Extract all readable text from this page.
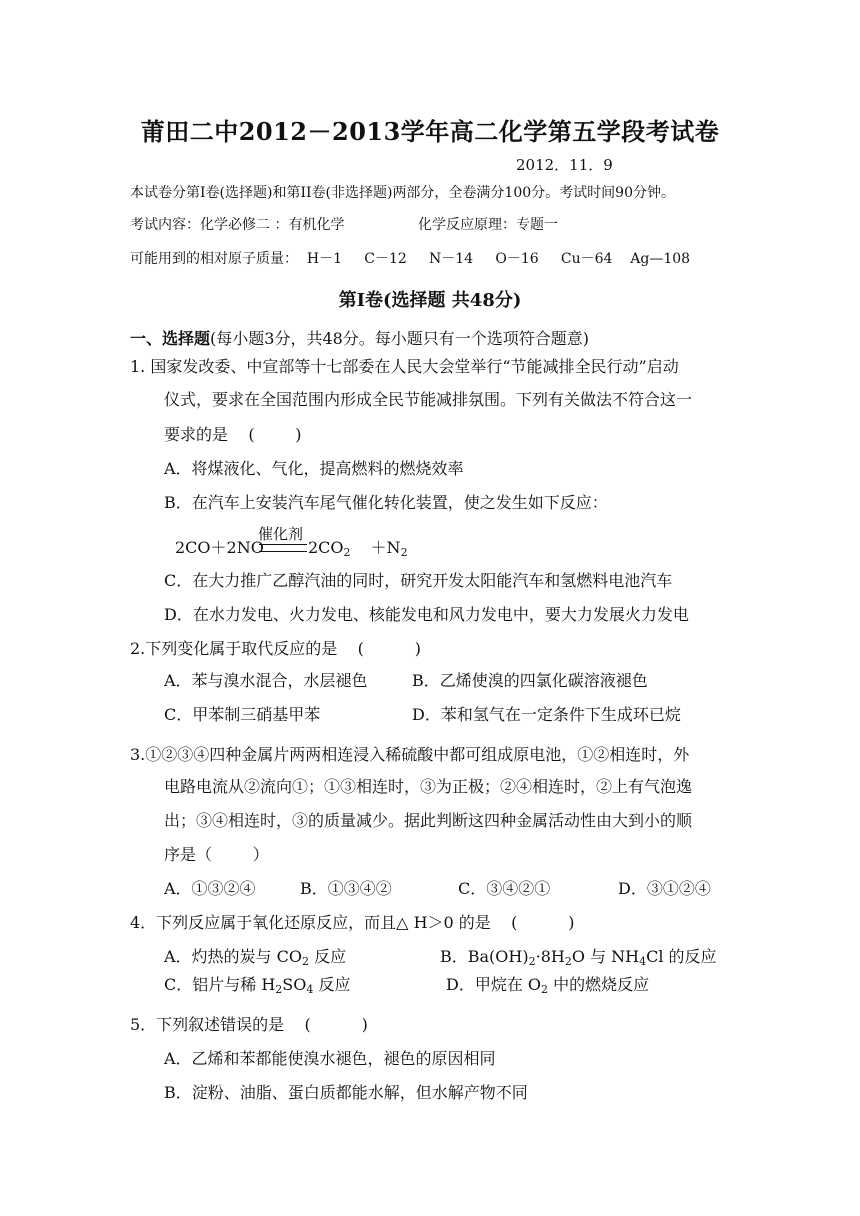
莆田二中2012－2013学年高二化学第五学段考试卷
2012．11．9
本试卷分第Ⅰ卷(选择题)和第II卷(非选择题)两部分，全卷满分100分。考试时间90分钟。
考试内容：化学必修二 ：有机化学	化学反应原理：专题一
可能用到的相对原子质量：  H－1     C－12     N－14     O－16     Cu－64    Ag—108
第Ⅰ卷(选择题 共48分)
一、选择题(每小题3分，共48分。每小题只有一个选项符合题意)
1. 国家发改委、中宣部等十七部委在人民大会堂举行“节能减排全民行动”启动
仪式，要求在全国范围内形成全民节能减排氛围。下列有关做法不符合这一
要求的是    (        )
A．将煤液化、气化，提高燃料的燃烧效率
B．在汽车上安装汽车尾气催化转化装置，使之发生如下反应：
2CO＋2NO
催化剂
$2CO_2 +N_2$
C．在大力推广乙醇汽油的同时，研究开发太阳能汽车和氢燃料电池汽车
D．在水力发电、火力发电、核能发电和风力发电中，要大力发展火力发电
2.下列变化属于取代反应的是    (          )
A．苯与溴水混合，水层褪色	B．乙烯使溴的四氯化碳溶液褪色
C．甲苯制三硝基甲苯	D．苯和氢气在一定条件下生成环已烷
3.①②③④四种金属片两两相连浸入稀硫酸中都可组成原电池，①②相连时，外
电路电流从②流向①；①③相连时，③为正极；②④相连时，②上有气泡逸
出；③④相连时，③的质量减少。据此判断这四种金属活动性由大到小的顺
序是（        ）
A．①③②④	B．①③④②	C．③④②①	D．③①②④
4．下列反应属于氧化还原反应，而且△ H＞0 的是    (          )
A．灼热的炭与 $CO_2$ 反应	B．$Ba(OH)_2\cdot 8H_2O$ 与 $NH_4Cl$ 的反应
C．铝片与稀 $H_2SO_4$ 反应	D．甲烷在 $O_2$ 中的燃烧反应
5．下列叙述错误的是    (          )
A．乙烯和苯都能使溴水褪色，褪色的原因相同
B．淀粉、油脂、蛋白质都能水解，但水解产物不同
